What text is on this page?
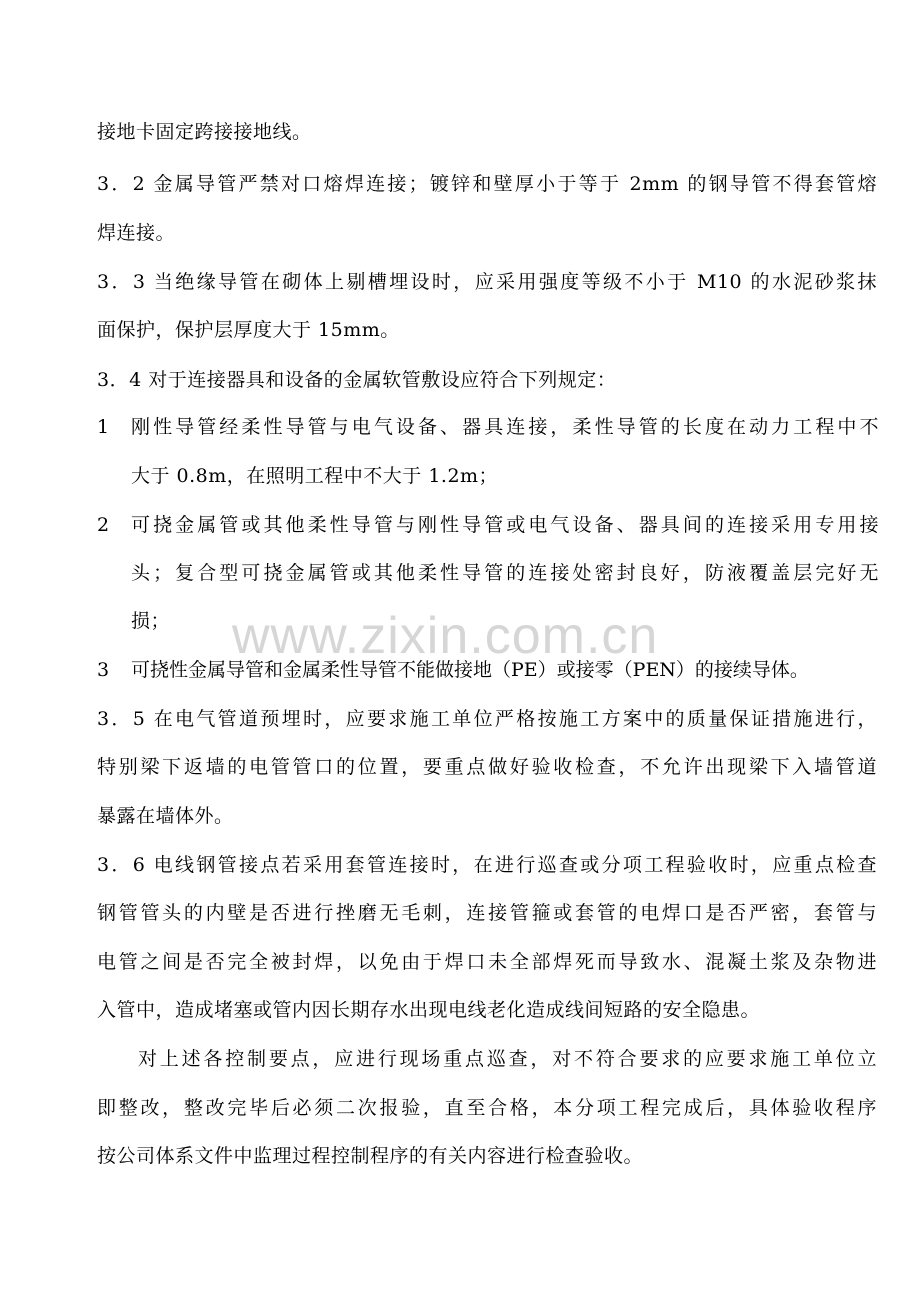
www.zixin.com.cn
接地卡固定跨接接地线。
3．2 金属导管严禁对口熔焊连接；镀锌和壁厚小于等于 2mm 的钢导管不得套管熔
焊连接。
3．3 当绝缘导管在砌体上剔槽埋设时，应采用强度等级不小于 M10 的水泥砂浆抹
面保护，保护层厚度大于 15mm。
3．4 对于连接器具和设备的金属软管敷设应符合下列规定：
1 刚性导管经柔性导管与电气设备、器具连接，柔性导管的长度在动力工程中不
大于 0.8m，在照明工程中不大于 1.2m；
2 可挠金属管或其他柔性导管与刚性导管或电气设备、器具间的连接采用专用接
头；复合型可挠金属管或其他柔性导管的连接处密封良好，防液覆盖层完好无
损；
3 可挠性金属导管和金属柔性导管不能做接地（PE）或接零（PEN）的接续导体。
3．5 在电气管道预埋时，应要求施工单位严格按施工方案中的质量保证措施进行，
特别梁下返墙的电管管口的位置，要重点做好验收检查，不允许出现梁下入墙管道
暴露在墙体外。
3．6 电线钢管接点若采用套管连接时，在进行巡查或分项工程验收时，应重点检查
钢管管头的内壁是否进行挫磨无毛刺，连接管箍或套管的电焊口是否严密，套管与
电管之间是否完全被封焊，以免由于焊口未全部焊死而导致水、混凝土浆及杂物进
入管中，造成堵塞或管内因长期存水出现电线老化造成线间短路的安全隐患。
对上述各控制要点，应进行现场重点巡查，对不符合要求的应要求施工单位立
即整改，整改完毕后必须二次报验，直至合格，本分项工程完成后，具体验收程序
按公司体系文件中监理过程控制程序的有关内容进行检查验收。
